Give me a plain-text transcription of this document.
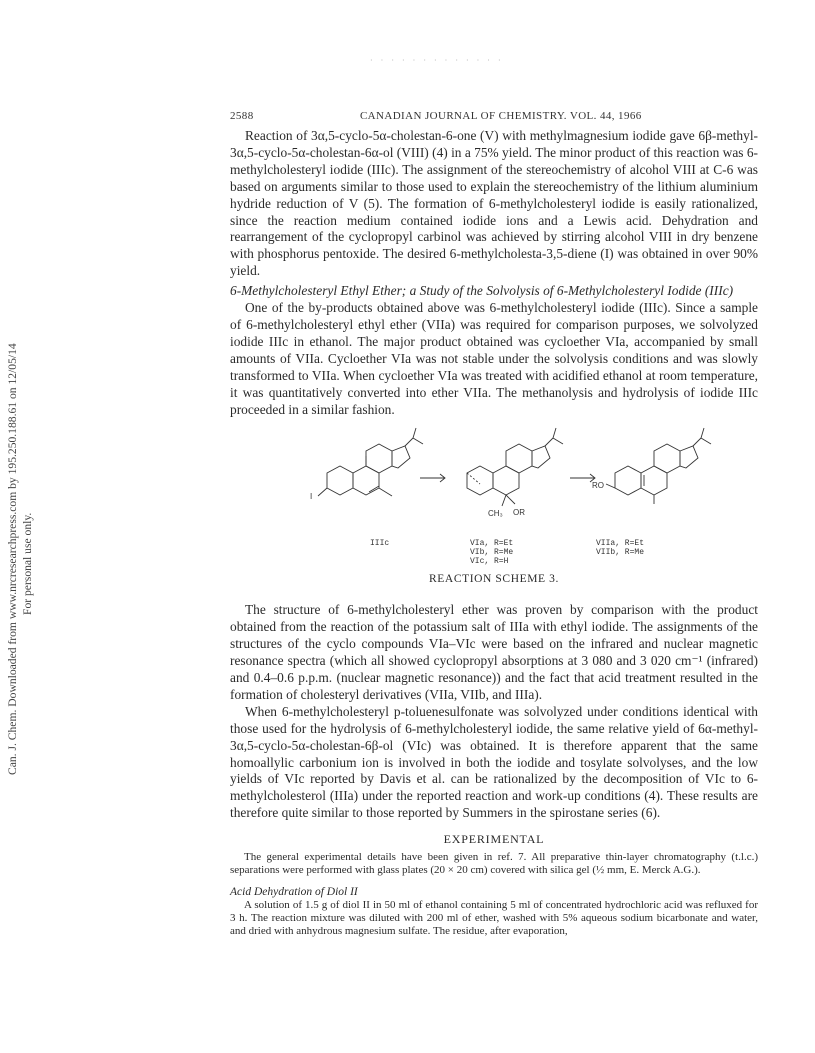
· · · · · · · · · · · · ·
Can. J. Chem. Downloaded from www.nrcresearchpress.com by 195.250.188.61 on 12/05/14 For personal use only.
2588	CANADIAN JOURNAL OF CHEMISTRY. VOL. 44, 1966

Reaction of 3α,5-cyclo-5α-cholestan-6-one (V) with methylmagnesium iodide gave 6β-methyl-3α,5-cyclo-5α-cholestan-6α-ol (VIII) (4) in a 75% yield. The minor product of this reaction was 6-methylcholesteryl iodide (IIIc). The assignment of the stereochemistry of alcohol VIII at C-6 was based on arguments similar to those used to explain the stereochemistry of the lithium aluminium hydride reduction of V (5). The formation of 6-methylcholesteryl iodide is easily rationalized, since the reaction medium contained iodide ions and a Lewis acid. Dehydration and rearrangement of the cyclopropyl carbinol was achieved by stirring alcohol VIII in dry benzene with phosphorus pentoxide. The desired 6-methylcholesta-3,5-diene (I) was obtained in over 90% yield.

6-Methylcholesteryl Ethyl Ether; a Study of the Solvolysis of 6-Methylcholesteryl Iodide (IIIc)

One of the by-products obtained above was 6-methylcholesteryl iodide (IIIc). Since a sample of 6-methylcholesteryl ethyl ether (VIIa) was required for comparison purposes, we solvolyzed iodide IIIc in ethanol. The major product obtained was cycloether VIa, accompanied by small amounts of VIIa. Cycloether VIa was not stable under the solvolysis conditions and was slowly transformed to VIIa. When cycloether VIa was treated with acidified ethanol at room temperature, it was quantitatively converted into ether VIIa. The methanolysis and hydrolysis of iodide IIIc proceeded in a similar fashion.

I
CH₃ OR
RO
IIIc	VIa, R=Et
VIb, R=Me
VIc, R=H
VIIa, R=Et
VIIb, R=Me
REACTION SCHEME 3.

The structure of 6-methylcholesteryl ether was proven by comparison with the product obtained from the reaction of the potassium salt of IIIa with ethyl iodide. The assignments of the structures of the cyclo compounds VIa–VIc were based on the infrared and nuclear magnetic resonance spectra (which all showed cyclopropyl absorptions at 3 080 and 3 020 cm⁻¹ (infrared) and 0.4–0.6 p.p.m. (nuclear magnetic resonance)) and the fact that acid treatment resulted in the formation of cholesteryl derivatives (VIIa, VIIb, and IIIa).

When 6-methylcholesteryl p-toluenesulfonate was solvolyzed under conditions identical with those used for the hydrolysis of 6-methylcholesteryl iodide, the same relative yield of 6α-methyl-3α,5-cyclo-5α-cholestan-6β-ol (VIc) was obtained. It is therefore apparent that the same homoallylic carbonium ion is involved in both the iodide and tosylate solvolyses, and the low yields of VIc reported by Davis et al. can be rationalized by the decomposition of VIc to 6-methylcholesterol (IIIa) under the reported reaction and work-up conditions (4). These results are therefore quite similar to those reported by Summers in the spirostane series (6).

EXPERIMENTAL

The general experimental details have been given in ref. 7. All preparative thin-layer chromatography (t.l.c.) separations were performed with glass plates (20 × 20 cm) covered with silica gel (½ mm, E. Merck A.G.).

Acid Dehydration of Diol II

A solution of 1.5 g of diol II in 50 ml of ethanol containing 5 ml of concentrated hydrochloric acid was refluxed for 3 h. The reaction mixture was diluted with 200 ml of ether, washed with 5% aqueous sodium bicarbonate and water, and dried with anhydrous magnesium sulfate. The residue, after evaporation,
